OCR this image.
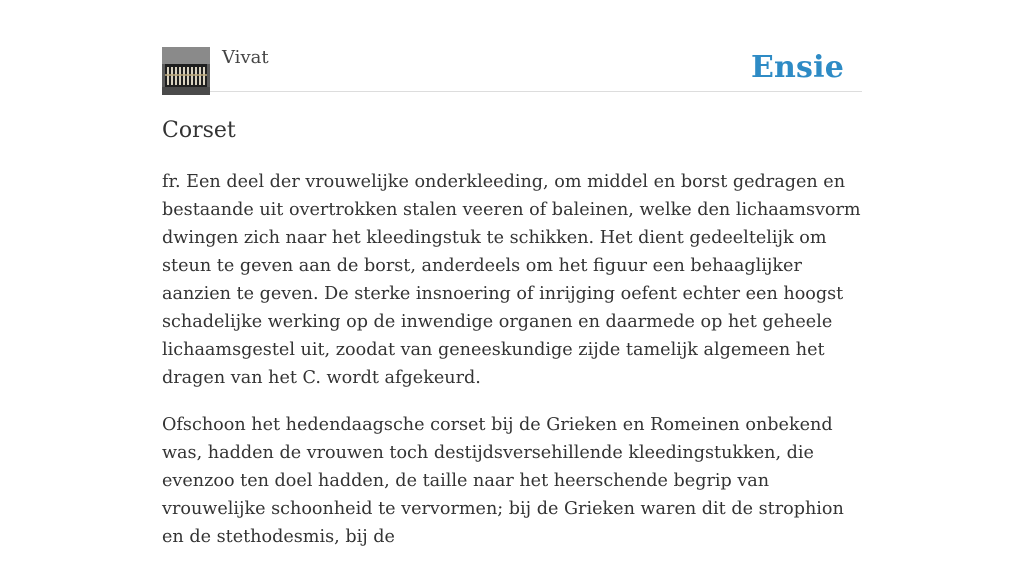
Vivat	Ensie
Corset

fr. Een deel der vrouwelijke onderkleeding, om middel en borst gedragen en bestaande uit overtrokken stalen veeren of baleinen, welke den lichaamsvorm dwingen zich naar het kleedingstuk te schikken. Het dient gedeeltelijk om steun te geven aan de borst, anderdeels om het figuur een behaaglijker aanzien te geven. De sterke insnoering of inrijging oefent echter een hoogst schadelijke werking op de inwendige organen en daarmede op het geheele lichaamsgestel uit, zoodat van geneeskundige zijde tamelijk algemeen het dragen van het C. wordt afgekeurd.

Ofschoon het hedendaagsche corset bij de Grieken en Romeinen onbekend was, hadden de vrouwen toch destijdsversehillende kleedingstukken, die evenzoo ten doel hadden, de taille naar het heerschende begrip van vrouwelijke schoonheid te vervormen; bij de Grieken waren dit de strophion en de stethodesmis, bij de
